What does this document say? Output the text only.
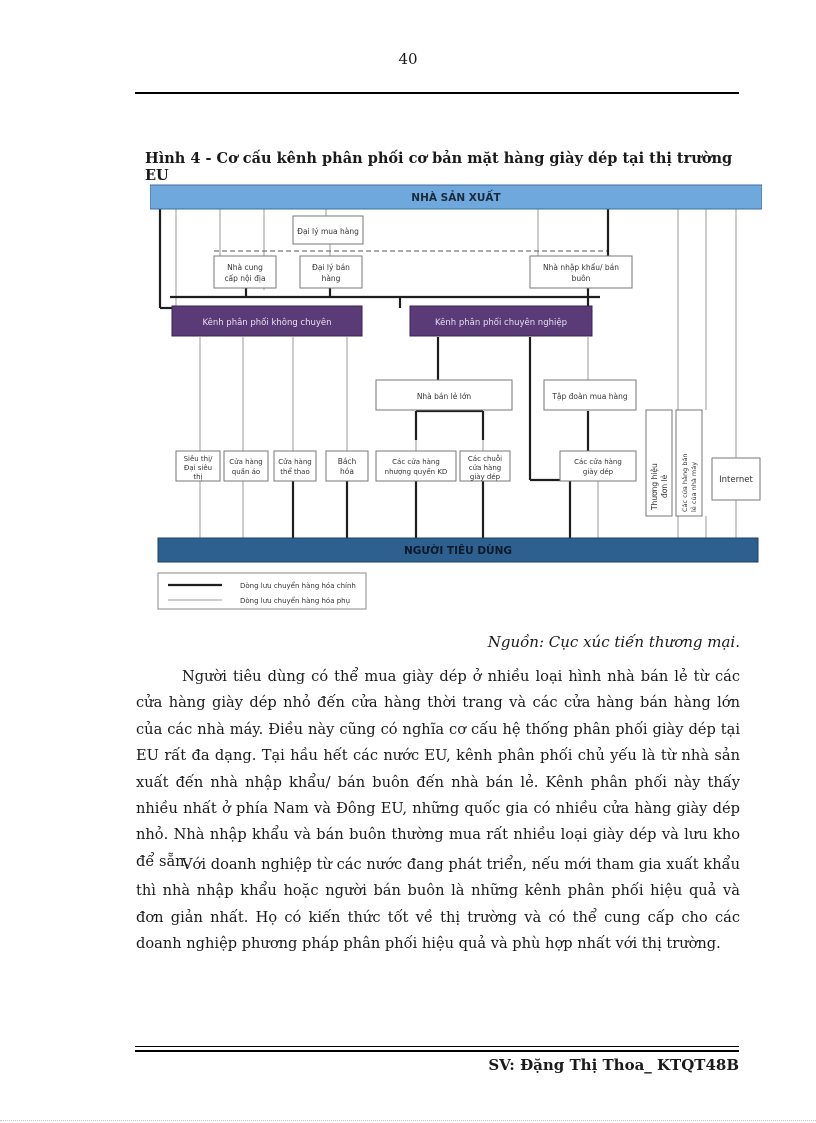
40
Hình 4 - Cơ cấu kênh phân phối cơ bản mặt hàng giày dép tại thị trường EU
NHÀ SẢN XUẤT
Đại lý mua hàng
Nhà cung
cấp nội địa
Đại lý bán
hàng
Nhà nhập khẩu/ bán
buôn
Kênh phân phối không chuyên	Kênh phân phối chuyên nghiệp
Nhà bán lẻ lớn	Tập đoàn mua hàng
Siêu thị/
Đại siêu
thị
Cửa hàng
quần áo
Cửa hàng
thể thao
Bách
hóa
Các cửa hàng
nhượng quyền KD
Các chuỗi
cửa hàng
giày dép
Các cửa hàng
giày dép	Thương hiệu đơn lẻ Các cửa hàng bán lẻ của nhà máy Internet
NGƯỜI TIÊU DÙNG
Dòng lưu chuyển hàng hóa chính
Dòng lưu chuyển hàng hóa phụ
Nguồn: Cục xúc tiến thương mại.

Người tiêu dùng có thể mua giày dép ở nhiều loại hình nhà bán lẻ từ các cửa hàng giày dép nhỏ đến cửa hàng thời trang và các cửa hàng bán hàng lớn của các nhà máy. Điều này cũng có nghĩa cơ cấu hệ thống phân phối giày dép tại EU rất đa dạng. Tại hầu hết các nước EU, kênh phân phối chủ yếu là từ nhà sản xuất đến nhà nhập khẩu/ bán buôn đến nhà bán lẻ. Kênh phân phối này thấy nhiều nhất ở phía Nam và Đông EU, những quốc gia có nhiều cửa hàng giày dép nhỏ. Nhà nhập khẩu và bán buôn thường mua rất nhiều loại giày dép và lưu kho để sẵn.

Với doanh nghiệp từ các nước đang phát triển, nếu mới tham gia xuất khẩu thì nhà nhập khẩu hoặc người bán buôn là những kênh phân phối hiệu quả và đơn giản nhất. Họ có kiến thức tốt về thị trường và có thể cung cấp cho các doanh nghiệp phương pháp phân phối hiệu quả và phù hợp nhất với thị trường.

SV: Đặng Thị Thoa_ KTQT48B
